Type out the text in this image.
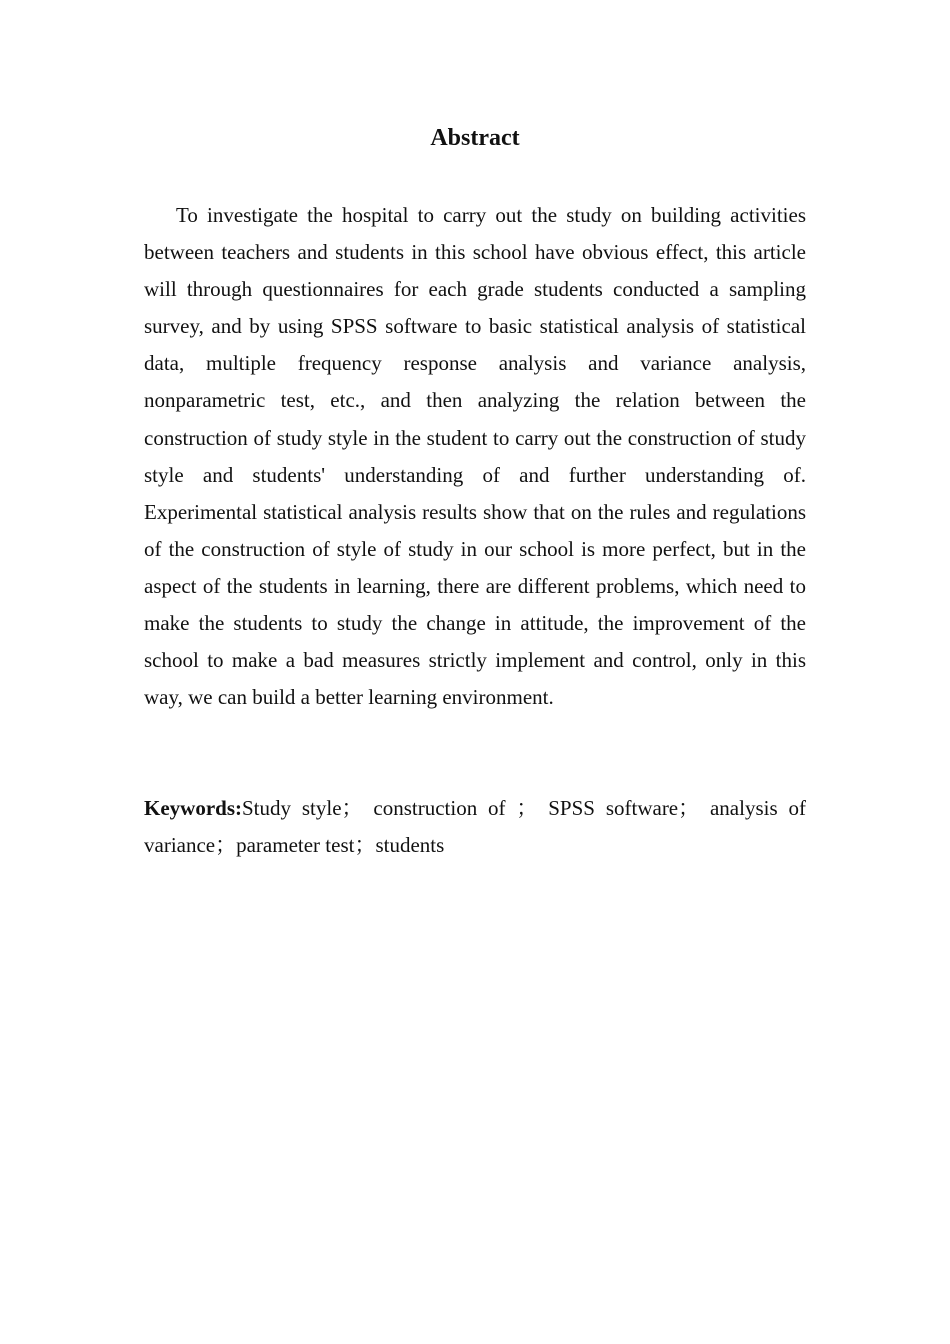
Abstract

To investigate the hospital to carry out the study on building activities between teachers and students in this school have obvious effect, this article will through questionnaires for each grade students conducted a sampling survey, and by using SPSS software to basic statistical analysis of statistical data, multiple frequency response analysis and variance analysis, nonparametric test, etc., and then analyzing the relation between the construction of study style in the student to carry out the construction of study style and students' understanding of and further understanding of. Experimental statistical analysis results show that on the rules and regulations of the construction of style of study in our school is more perfect, but in the aspect of the students in learning, there are different problems, which need to make the students to study the change in attitude, the improvement of the school to make a bad measures strictly implement and control, only in this way, we can build a better learning environment.

Keywords:Study style； construction of ； SPSS software； analysis of variance；parameter test；students
